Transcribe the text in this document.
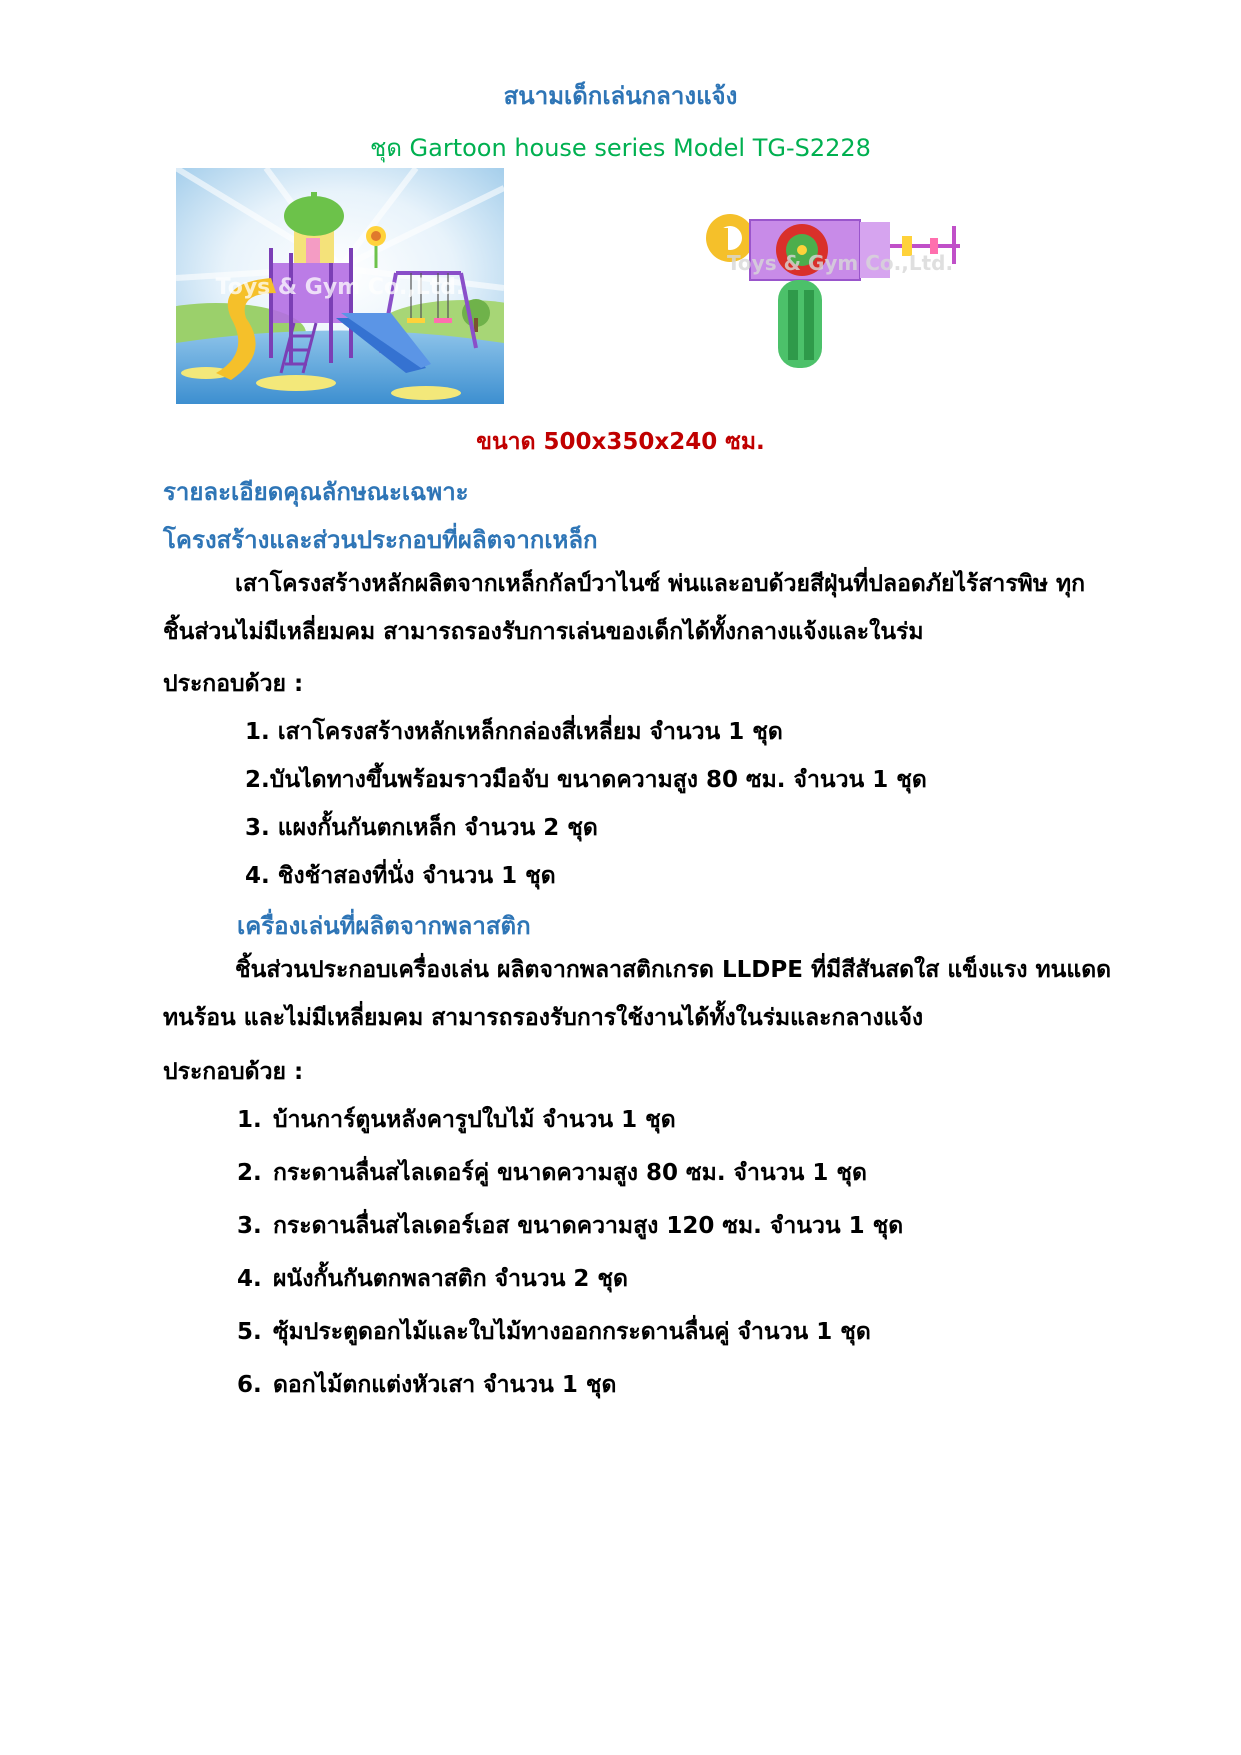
สนามเด็กเล่นกลางแจ้ง
ชุด Gartoon house series Model TG-S2228
Toys & Gym Co.,Ltd.
Toys & Gym Co.,Ltd.
ขนาด 500x350x240 ซม.
รายละเอียดคุณลักษณะเฉพาะ
โครงสร้างและส่วนประกอบที่ผลิตจากเหล็ก
เสาโครงสร้างหลักผลิตจากเหล็กกัลป์วาไนซ์ พ่นและอบด้วยสีฝุ่นที่ปลอดภัยไร้สารพิษ ทุก
ชิ้นส่วนไม่มีเหลี่ยมคม สามารถรองรับการเล่นของเด็กได้ทั้งกลางแจ้งและในร่ม
ประกอบด้วย :
1. เสาโครงสร้างหลักเหล็กกล่องสี่เหลี่ยม จำนวน 1 ชุด
2.บันไดทางขึ้นพร้อมราวมือจับ ขนาดความสูง 80 ซม. จำนวน 1 ชุด
3. แผงกั้นกันตกเหล็ก จำนวน 2 ชุด
4. ชิงช้าสองที่นั่ง จำนวน 1 ชุด
เครื่องเล่นที่ผลิตจากพลาสติก
ชิ้นส่วนประกอบเครื่องเล่น ผลิตจากพลาสติกเกรด LLDPE ที่มีสีสันสดใส แข็งแรง ทนแดด
ทนร้อน และไม่มีเหลี่ยมคม สามารถรองรับการใช้งานได้ทั้งในร่มและกลางแจ้ง
ประกอบด้วย :
1. บ้านการ์ตูนหลังคารูปใบไม้ จำนวน 1 ชุด
2. กระดานลื่นสไลเดอร์คู่ ขนาดความสูง 80 ซม. จำนวน 1 ชุด
3. กระดานลื่นสไลเดอร์เอส ขนาดความสูง 120 ซม. จำนวน 1 ชุด
4. ผนังกั้นกันตกพลาสติก จำนวน 2 ชุด
5. ซุ้มประตูดอกไม้และใบไม้ทางออกกระดานลื่นคู่ จำนวน 1 ชุด
6. ดอกไม้ตกแต่งหัวเสา จำนวน 1 ชุด
